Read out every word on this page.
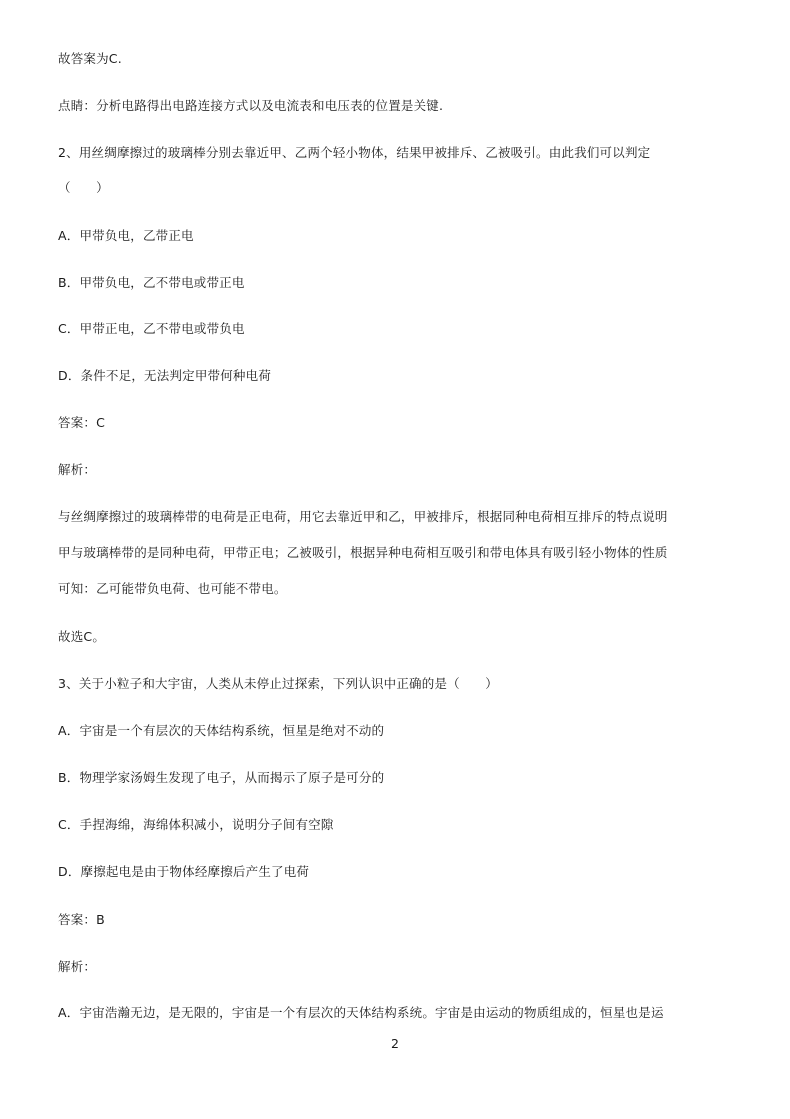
故答案为C.
点睛：分析电路得出电路连接方式以及电流表和电压表的位置是关键.
2、用丝绸摩擦过的玻璃棒分别去靠近甲、乙两个轻小物体，结果甲被排斥、乙被吸引。由此我们可以判定
（　　）
A．甲带负电，乙带正电
B．甲带负电，乙不带电或带正电
C．甲带正电，乙不带电或带负电
D．条件不足，无法判定甲带何种电荷
答案：C
解析：
与丝绸摩擦过的玻璃棒带的电荷是正电荷，用它去靠近甲和乙，甲被排斥，根据同种电荷相互排斥的特点说明
甲与玻璃棒带的是同种电荷，甲带正电；乙被吸引，根据异种电荷相互吸引和带电体具有吸引轻小物体的性质
可知：乙可能带负电荷、也可能不带电。
故选C。
3、关于小粒子和大宇宙，人类从未停止过探索，下列认识中正确的是（　　）
A．宇宙是一个有层次的天体结构系统，恒星是绝对不动的
B．物理学家汤姆生发现了电子，从而揭示了原子是可分的
C．手捏海绵，海绵体积减小，说明分子间有空隙
D．摩擦起电是由于物体经摩擦后产生了电荷
答案：B
解析：
A．宇宙浩瀚无边，是无限的，宇宙是一个有层次的天体结构系统。宇宙是由运动的物质组成的，恒星也是运
2
